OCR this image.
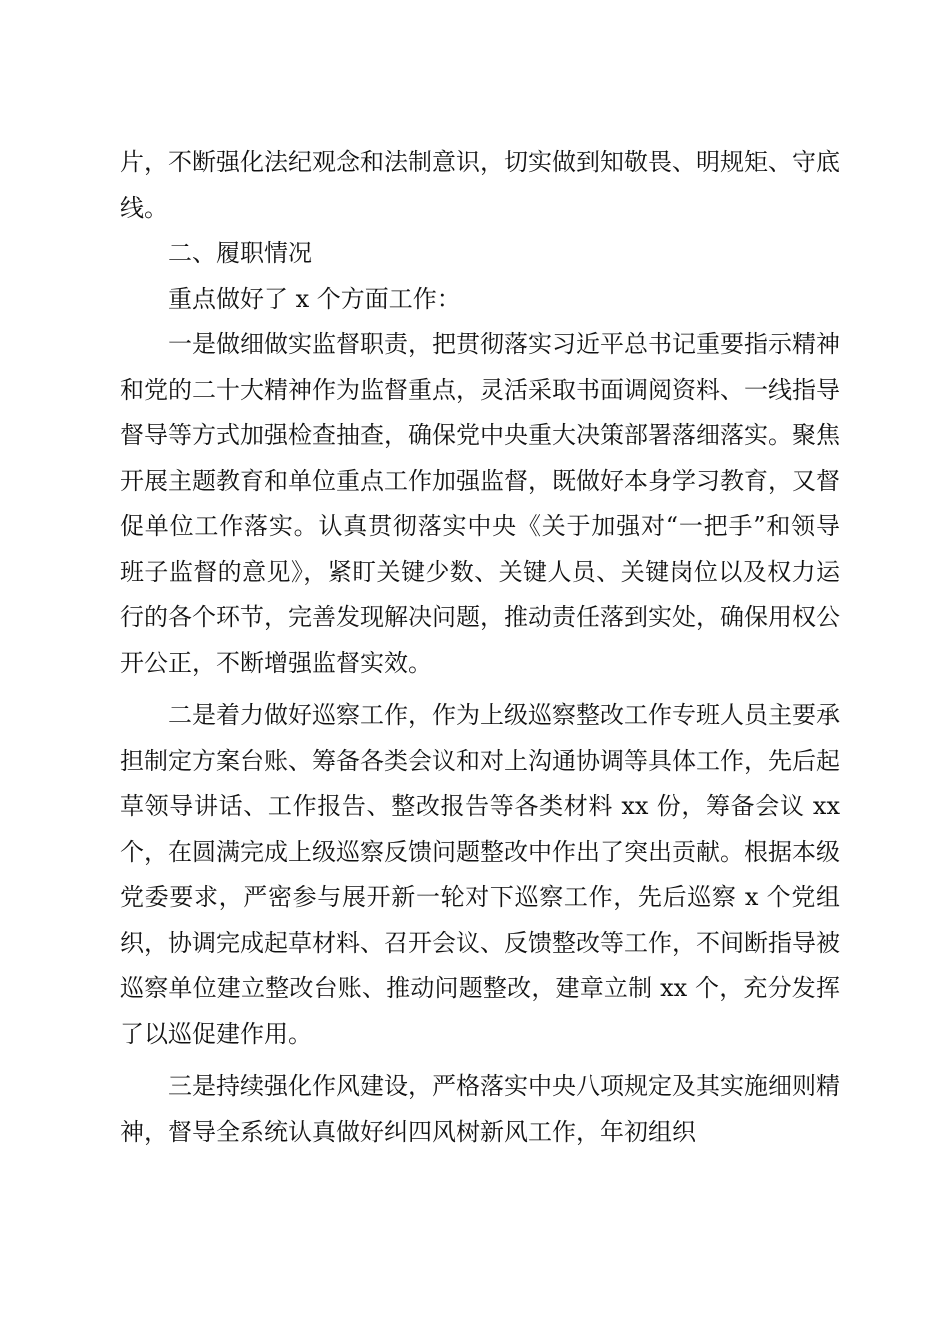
片，不断强化法纪观念和法制意识，切实做到知敬畏、明规矩、守底线。

二、履职情况

重点做好了 x 个方面工作：

一是做细做实监督职责，把贯彻落实习近平总书记重要指示精神和党的二十大精神作为监督重点，灵活采取书面调阅资料、一线指导督导等方式加强检查抽查，确保党中央重大决策部署落细落实。聚焦开展主题教育和单位重点工作加强监督，既做好本身学习教育，又督促单位工作落实。认真贯彻落实中央《关于加强对“一把手”和领导班子监督的意见》，紧盯关键少数、关键人员、关键岗位以及权力运行的各个环节，完善发现解决问题，推动责任落到实处，确保用权公开公正，不断增强监督实效。

二是着力做好巡察工作，作为上级巡察整改工作专班人员主要承担制定方案台账、筹备各类会议和对上沟通协调等具体工作，先后起草领导讲话、工作报告、整改报告等各类材料 xx 份，筹备会议 xx 个，在圆满完成上级巡察反馈问题整改中作出了突出贡献。根据本级党委要求，严密参与展开新一轮对下巡察工作，先后巡察 x 个党组织，协调完成起草材料、召开会议、反馈整改等工作，不间断指导被巡察单位建立整改台账、推动问题整改，建章立制 xx 个，充分发挥了以巡促建作用。

三是持续强化作风建设，严格落实中央八项规定及其实施细则精神，督导全系统认真做好纠四风树新风工作，年初组织
